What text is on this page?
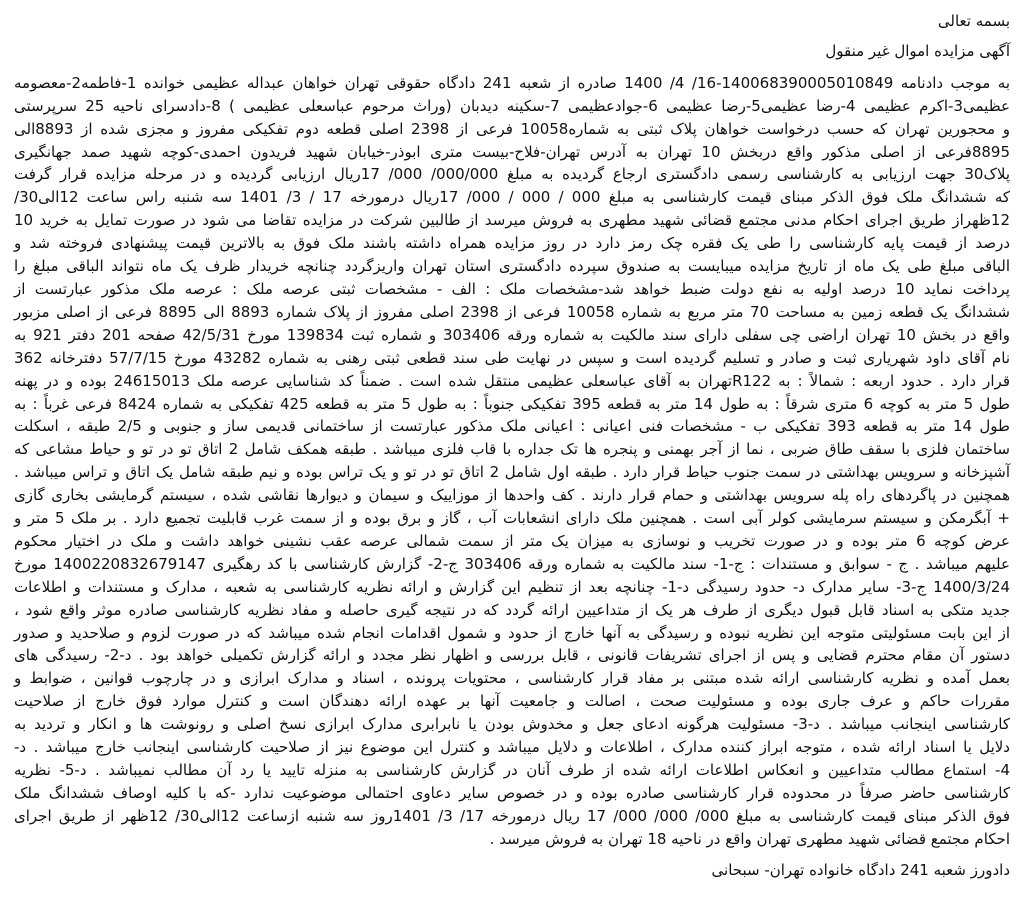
بسمه تعالی

آگهی مزایده اموال غیر منقول

به موجب دادنامه 140068390005010849-16/ 4/ 1400 صادره از شعبه 241 دادگاه حقوقی تهران خواهان عبداله عظیمی خوانده 1-فاطمه2-معصومه

عظیمی3-اکرم عظیمی 4-رضا عظیمی5-رضا عظیمی 6-جوادعظیمی 7-سکینه دیدبان (وراث مرحوم عباسعلی عظیمی ) 8-دادسرای ناحیه 25 سرپرستی

و محجورین تهران که حسب درخواست خواهان پلاک ثبتی به شماره10058 فرعی از 2398 اصلی قطعه دوم تفکیکی مفروز و مجزی شده از 8893الی

8895فرعی از اصلی مذکور واقع دربخش 10 تهران به آدرس تهران-فلاح-بیست متری ابوذر-خیابان شهید فریدون احمدی-کوچه شهید صمد جهانگیری

پلاک30 جهت ارزیابی به کارشناسی رسمی دادگستری ارجاع گردیده به مبلغ 000/000/ 000/ 17ریال ارزیابی گردیده و در مرحله مزایده قرار گرفت

که ششدانگ ملک فوق الذکر مبنای قیمت کارشناسی به مبلغ 000 / 000 / 000/ 17ریال درمورخه 17 / 3/ 1401 سه شنبه راس ساعت 12الی30/

12ظهراز طریق اجرای احکام مدنی مجتمع قضائی شهید مطهری به فروش میرسد از طالبین شرکت در مزایده تقاضا می شود در صورت تمایل به خرید 10

درصد از قیمت پایه کارشناسی را طی یک فقره چک رمز دارد در روز مزایده همراه داشته باشند ملک فوق به بالاترین قیمت پیشنهادی فروخته شد و

الباقی مبلغ طی یک ماه از تاریخ مزایده میبایست به صندوق سپرده دادگستری استان تهران واریزگردد چنانچه خریدار ظرف یک ماه نتواند الباقی مبلغ را

پرداخت نماید 10 درصد اولیه به نفع دولت ضبط خواهد شد-مشخصات ملک : الف - مشخصات ثبتی عرصه ملک : عرصه ملک مذکور عبارتست از

ششدانگ یک قطعه زمین به مساحت 70 متر مربع به شماره 10058 فرعی از 2398 اصلی مفروز از پلاک شماره 8893 الی 8895 فرعی از اصلی مزبور

واقع در بخش 10 تهران اراضی چی سفلی دارای سند مالکیت به شماره ورقه 303406 و شماره ثبت 139834 مورخ 42/5/31 صفحه 201 دفتر 921 به

نام آقای داود شهریاری ثبت و صادر و تسلیم گردیده است و سپس در نهایت طی سند قطعی ثبتی رهنی به شماره 43282 مورخ 57/7/15 دفترخانه 362

قرار دارد . حدود اربعه : شمالاً : به R122تهران به آقای عباسعلی عظیمی منتقل شده است . ضمناً کد شناسایی عرصه ملک 24615013 بوده و در پهنه

طول 5 متر به کوچه 6 متری شرقاً : به طول 14 متر به قطعه 395 تفکیکی جنوباً : به طول 5 متر به قطعه 425 تفکیکی به شماره 8424 فرعی غرباً : به

طول 14 متر به قطعه 393 تفکیکی ب - مشخصات فنی اعیانی : اعیانی ملک مذکور عبارتست از ساختمانی قدیمی ساز و جنوبی و 2/5 طبقه ، اسکلت

ساختمان فلزی با سقف طاق ضربی ، نما از آجر بهمنی و پنجره ها تک جداره با قاب فلزی میباشد . طبقه همکف شامل 2 اتاق تو در تو و حیاط مشاعی که

آشپزخانه و سرویس بهداشتی در سمت جنوب حیاط قرار دارد . طبقه اول شامل 2 اتاق تو در تو و یک تراس بوده و نیم طبقه شامل یک اتاق و تراس میباشد .

همچنین در پاگردهای راه پله سرویس بهداشتی و حمام قرار دارند . کف واحدها از موزاییک و سیمان و دیوارها نقاشی شده ، سیستم گرمایشی بخاری گازی

+ آبگرمکن و سیستم سرمایشی کولر آبی است . همچنین ملک دارای انشعابات آب ، گاز و برق بوده و از سمت غرب قابلیت تجمیع دارد . بر ملک 5 متر و

عرض کوچه 6 متر بوده و در صورت تخریب و نوسازی به میزان یک متر از سمت شمالی عرصه عقب نشینی خواهد داشت و ملک در اختیار محکوم

علیهم میباشد . ج - سوابق و مستندات : ج-1- سند مالکیت به شماره ورقه 303406 ج-2- گزارش کارشناسی با کد رهگیری 1400220832679147 مورخ

1400/3/24 ج-3- سایر مدارک د- حدود رسیدگی د-1- چنانچه بعد از تنظیم این گزارش و ارائه نظریه کارشناسی به شعبه ، مدارک و مستندات و اطلاعات

جدید متکی به اسناد قابل قبول دیگری از طرف هر یک از متداعیین ارائه گردد که در نتیجه گیری حاصله و مفاد نظریه کارشناسی صادره موثر واقع شود ،

از این بابت مسئولیتی متوجه این نظریه نبوده و رسیدگی به آنها خارج از حدود و شمول اقدامات انجام شده میباشد که در صورت لزوم و صلاحدید و صدور

دستور آن مقام محترم قضایی و پس از اجرای تشریفات قانونی ، قابل بررسی و اظهار نظر مجدد و ارائه گزارش تکمیلی خواهد بود . د-2- رسیدگی های

بعمل آمده و نظریه کارشناسی ارائه شده مبتنی بر مفاد قرار کارشناسی ، محتویات پرونده ، اسناد و مدارک ابرازی و در چارچوب قوانین ، ضوابط و

مقررات حاکم و عرف جاری بوده و مسئولیت صحت ، اصالت و جامعیت آنها بر عهده ارائه دهندگان است و کنترل موارد فوق خارج از صلاحیت

کارشناسی اینجانب میباشد . د-3- مسئولیت هرگونه ادعای جعل و مخدوش بودن یا نابرابری مدارک ابرازی نسخ اصلی و رونوشت ها و انکار و تردید به

دلایل یا اسناد ارائه شده ، متوجه ابراز کننده مدارک ، اطلاعات و دلایل میباشد و کنترل این موضوع نیز از صلاحیت کارشناسی اینجانب خارج میباشد . د-

4- استماع مطالب متداعیین و انعکاس اطلاعات ارائه شده از طرف آنان در گزارش کارشناسی به منزله تایید یا رد آن مطالب نمیباشد . د-5- نظریه

کارشناسی حاضر صرفاً در محدوده قرار کارشناسی صادره بوده و در خصوص سایر دعاوی احتمالی موضوعیت ندارد -که با کلیه اوصاف ششدانگ ملک

فوق الذکر مبنای قیمت کارشناسی به مبلغ 000/ 000/ 000/ 17 ریال درمورخه 17/ 3/ 1401روز سه شنبه ازساعت 12الی30/ 12ظهر از طریق اجرای

احکام مجتمع قضائی شهید مطهری تهران واقع در ناحیه 18 تهران به فروش میرسد .

دادورز شعبه 241 دادگاه خانواده تهران- سبحانی
